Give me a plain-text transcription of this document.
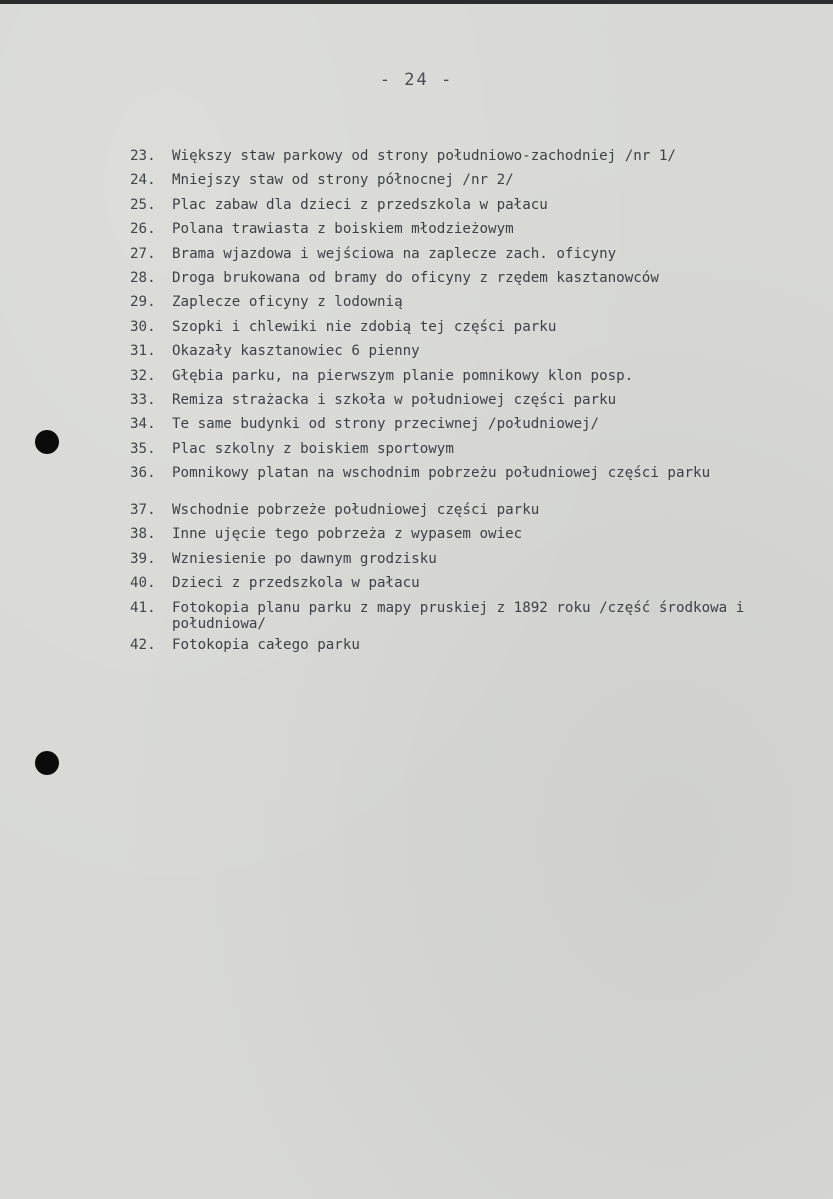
- 24 -
23.	Większy staw parkowy od strony południowo-zachodniej /nr 1/
24.	Mniejszy staw od strony północnej /nr 2/
25.	Plac zabaw dla dzieci z przedszkola w pałacu
26.	Polana trawiasta z boiskiem młodzieżowym
27.	Brama wjazdowa i wejściowa na zaplecze zach. oficyny
28.	Droga brukowana od bramy do oficyny z rzędem kasztanowców
29.	Zaplecze oficyny z lodownią
30.	Szopki i chlewiki nie zdobią tej części parku
31.	Okazały kasztanowiec 6 pienny
32.	Głębia parku, na pierwszym planie pomnikowy klon posp.
33.	Remiza strażacka i szkoła w południowej części parku
34.	Te same budynki od strony przeciwnej /południowej/
35.	Plac szkolny z boiskiem sportowym
36.	Pomnikowy platan na wschodnim pobrzeżu południowej części parku
37.	Wschodnie pobrzeże południowej części parku
38.	Inne ujęcie tego pobrzeża z wypasem owiec
39.	Wzniesienie po dawnym grodzisku
40.	Dzieci z przedszkola w pałacu
41.	Fotokopia planu parku z mapy pruskiej z 1892 roku /część środkowa i południowa/
42.	Fotokopia całego parku
